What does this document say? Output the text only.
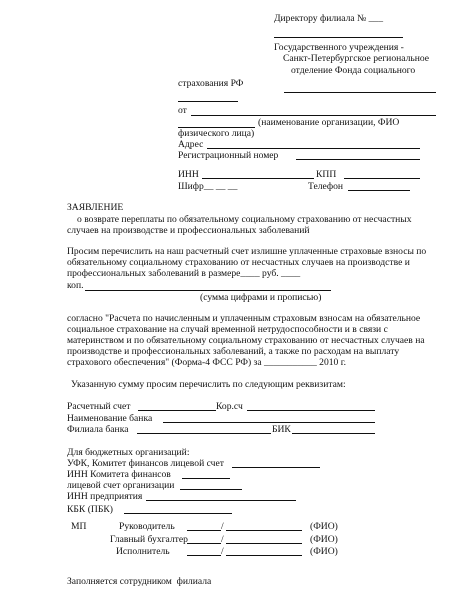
Директору филиала № ___
Государственного учреждения -
Санкт-Петербургское региональное
отделение Фонда социального
страхования РФ
от
(наименование организации, ФИО
физического лица)
Адрес
Регистрационный номер
ИНН	КПП
Шифр__ __ __	Телефон
ЗАЯВЛЕНИЕ
о возврате переплаты по обязательному социальному страхованию от несчастных случаев на производстве и профессиональных заболеваний
Просим перечислить на наш расчетный счет излишне уплаченные страховые взносы по обязательному социальному страхованию от несчастных случаев на производстве и профессиональных заболеваний в размере____ руб. ____
коп.
(сумма цифрами и прописью)
согласно "Расчета по начисленным и уплаченным страховым взносам на обязательное социальное страхование на случай временной нетрудоспособности и в связи с материнством и по обязательному социальному страхованию от несчастных случаев на производстве и профессиональных заболеваний, а также по расходам на выплату страхового обеспечения" (Форма-4 ФСС РФ) за ___________ 2010 г.
Указанную сумму просим перечислить по следующим реквизитам:
Расчетный счет	Кор.сч
Наименование банка
Филиала банка	БИК
Для бюджетных организаций:
УФК, Комитет финансов лицевой счет
ИНН Комитета финансов
лицевой счет организации
ИНН предприятия
КБК (ПБК)
МП	Руководитель	/	(ФИО)
Главный бухгалтер	/	(ФИО)
Исполнитель	/	(ФИО)
Заполняется сотрудником  филиала
